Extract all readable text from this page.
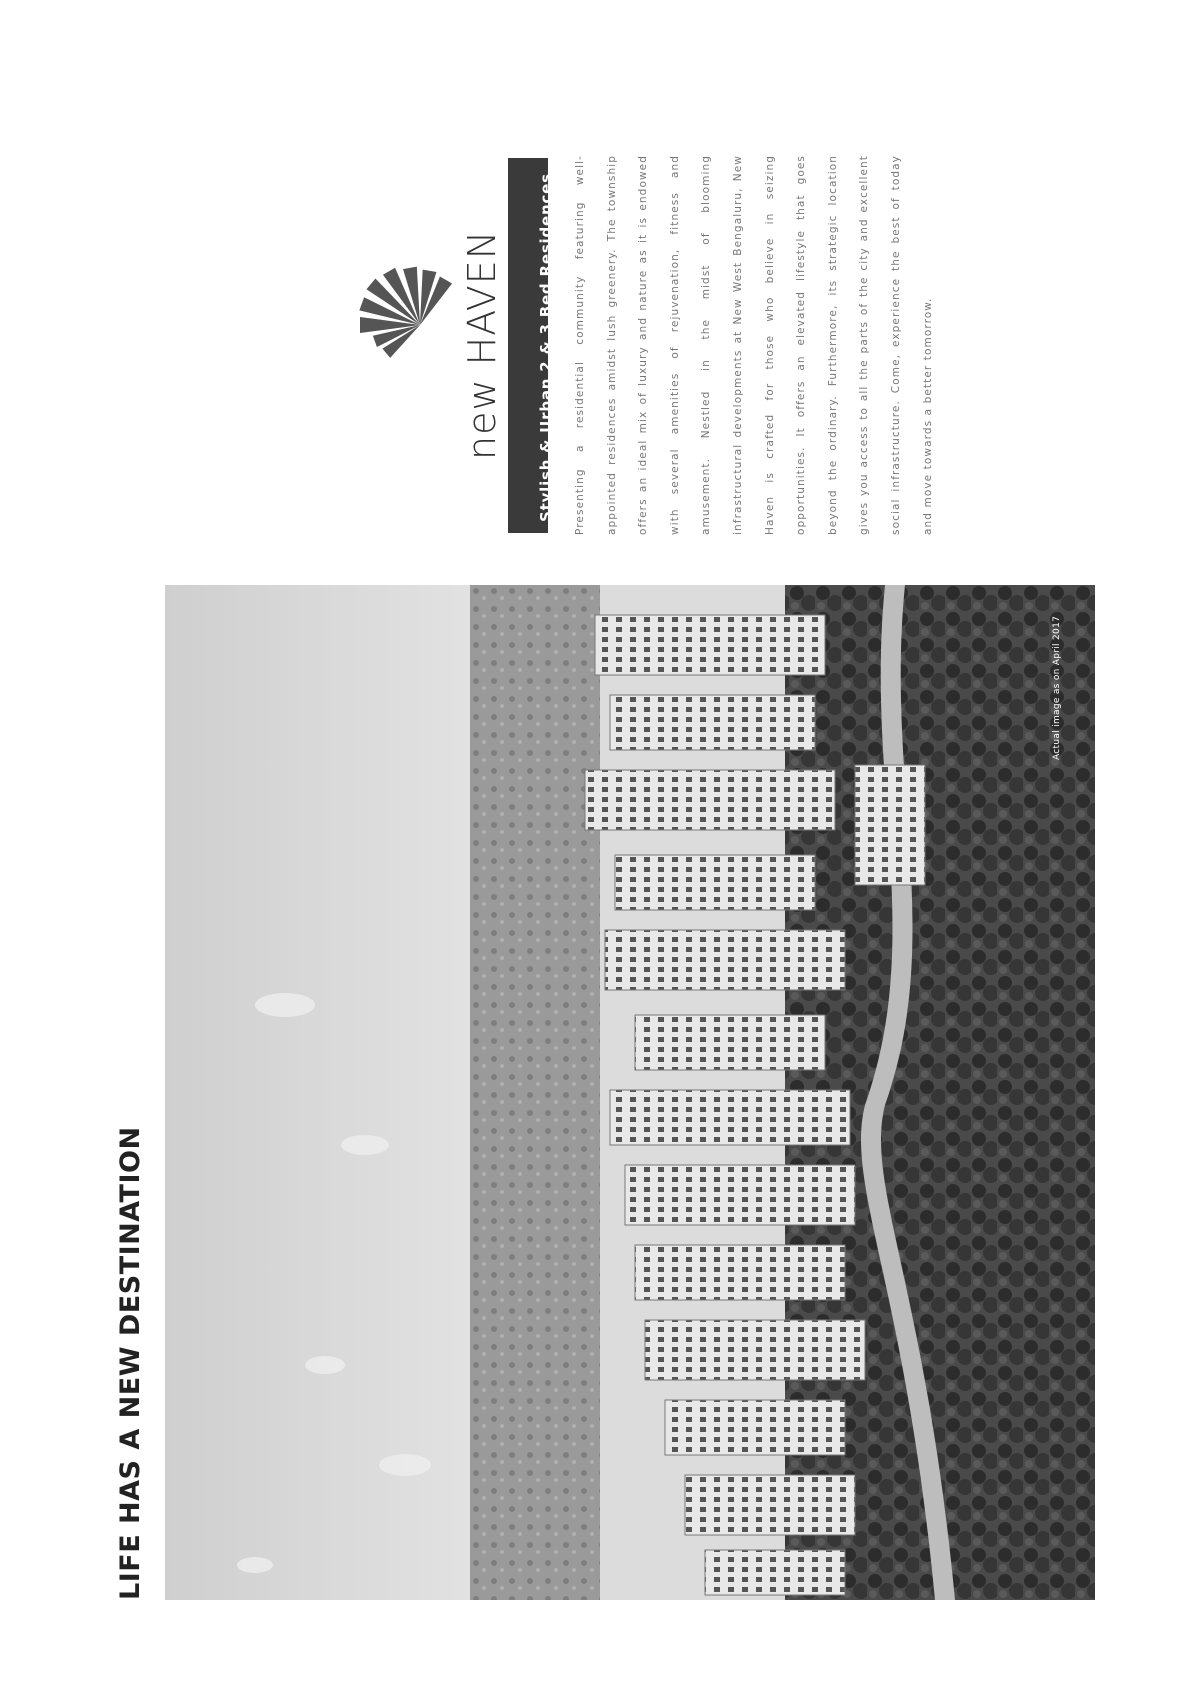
LIFE HAS A NEW DESTINATION
Actual image as on April 2017
new HAVEN Stylish & Urban 2 & 3 Bed Residences	Presenting a residential community featuring well-appointed residences amidst lush greenery. The township offers an ideal mix of luxury and nature as it is endowed with several amenities of rejuvenation, fitness and amusement. Nestled in the midst of blooming infrastructural developments at New West Bengaluru, New Haven is crafted for those who believe in seizing opportunities. It offers an elevated lifestyle that goes beyond the ordinary. Furthermore, its strategic location gives you access to all the parts of the city and excellent social infrastructure. Come, experience the best of today and move towards a better tomorrow.
